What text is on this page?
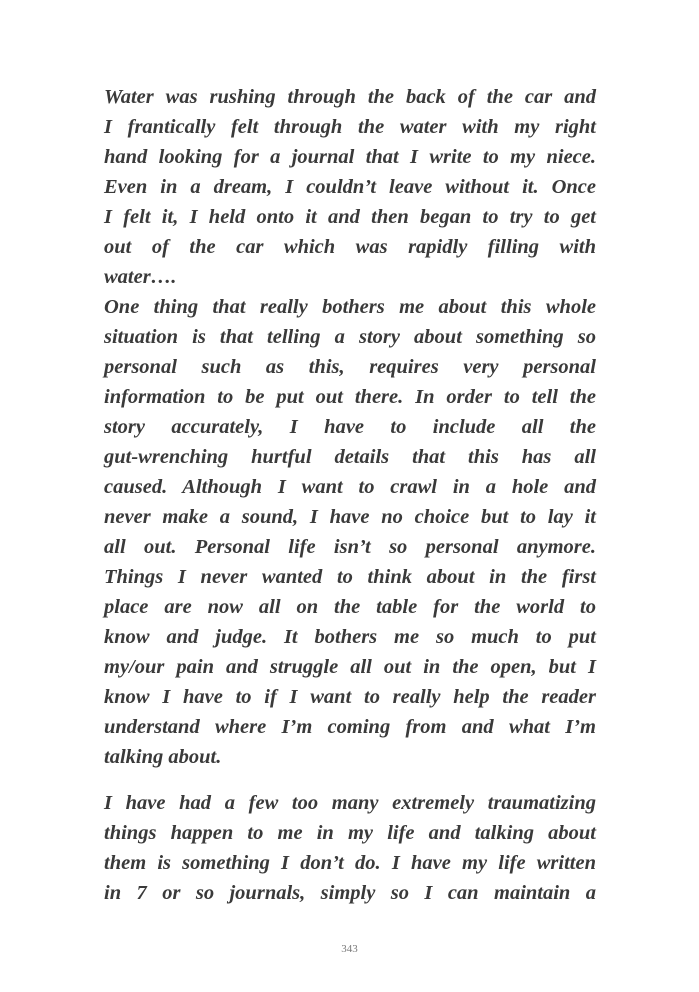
Water was rushing through the back of the car and
I frantically felt through the water with my right
hand looking for a journal that I write to my niece.
Even in a dream, I couldn’t leave without it. Once
I felt it, I held onto it and then began to try to get
out of the car which was rapidly filling with
water….
One thing that really bothers me about this whole
situation is that telling a story about something so
personal such as this, requires very personal
information to be put out there. In order to tell the
story accurately, I have to include all the
gut-wrenching hurtful details that this has all
caused. Although I want to crawl in a hole and
never make a sound, I have no choice but to lay it
all out. Personal life isn’t so personal anymore.
Things I never wanted to think about in the first
place are now all on the table for the world to
know and judge. It bothers me so much to put
my/our pain and struggle all out in the open, but I
know I have to if I want to really help the reader
understand where I’m coming from and what I’m
talking about.
I have had a few too many extremely traumatizing
things happen to me in my life and talking about
them is something I don’t do. I have my life written
in 7 or so journals, simply so I can maintain a
343
